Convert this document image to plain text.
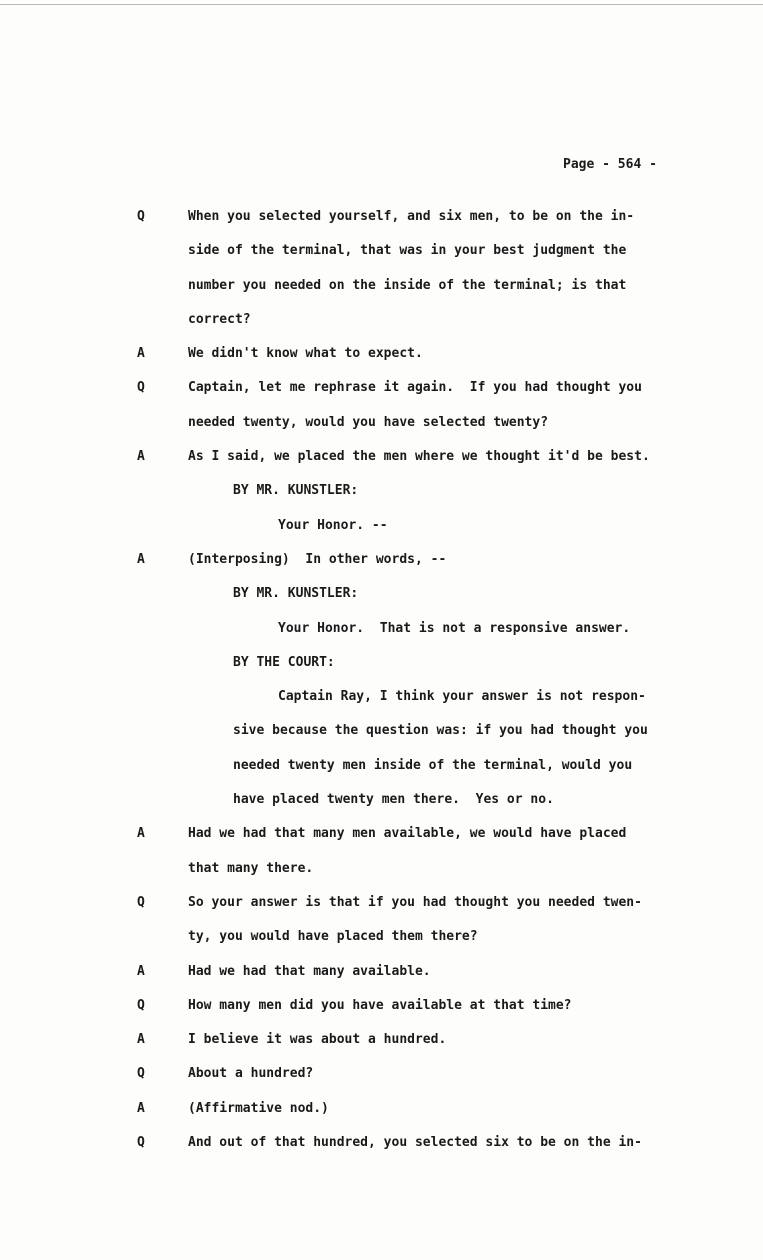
Page - 564 -
Q	When you selected yourself, and six men, to be on the in-
side of the terminal, that was in your best judgment the
number you needed on the inside of the terminal; is that
correct?
A	We didn't know what to expect.
Q	Captain, let me rephrase it again.  If you had thought you
needed twenty, would you have selected twenty?
A	As I said, we placed the men where we thought it'd be best.
BY MR. KUNSTLER:
Your Honor. --
A	(Interposing)  In other words, --
BY MR. KUNSTLER:
Your Honor.  That is not a responsive answer.
BY THE COURT:
Captain Ray, I think your answer is not respon-
sive because the question was: if you had thought you
needed twenty men inside of the terminal, would you
have placed twenty men there.  Yes or no.
A	Had we had that many men available, we would have placed
that many there.
Q	So your answer is that if you had thought you needed twen-
ty, you would have placed them there?
A	Had we had that many available.
Q	How many men did you have available at that time?
A	I believe it was about a hundred.
Q	About a hundred?
A	(Affirmative nod.)
Q	And out of that hundred, you selected six to be on the in-
